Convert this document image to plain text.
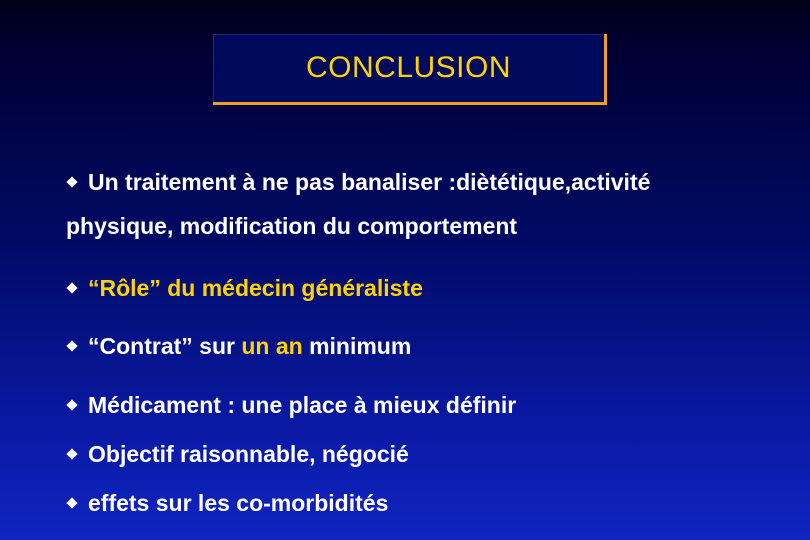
CONCLUSION
Un traitement à ne pas banaliser :diètétique,activité
physique, modification du comportement
“Rôle” du médecin généraliste
“Contrat” sur un an minimum
Médicament : une place à mieux définir
Objectif raisonnable, négocié
effets sur les co-morbidités
